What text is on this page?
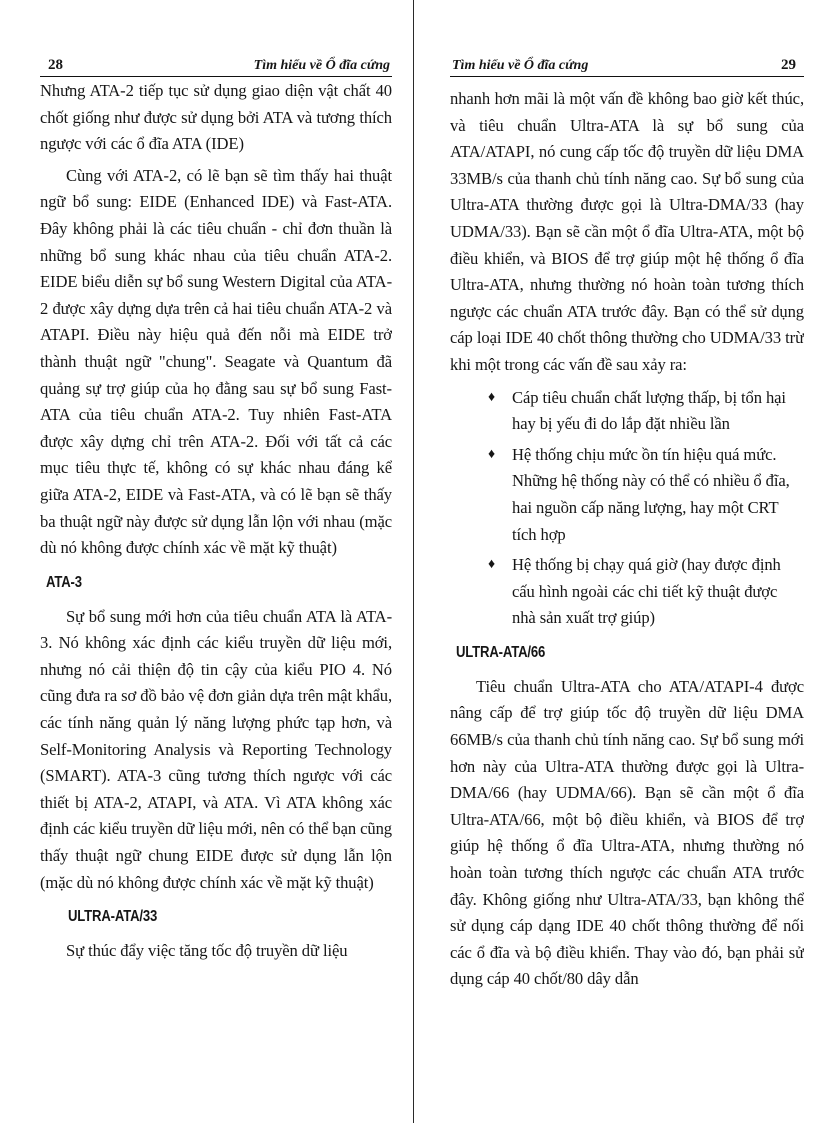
28	Tìm hiểu về Ổ đĩa cứng

Nhưng ATA-2 tiếp tục sử dụng giao diện vật chất 40 chốt giống như được sử dụng bởi ATA và tương thích ngược với các ổ đĩa ATA (IDE)

Cùng với ATA-2, có lẽ bạn sẽ tìm thấy hai thuật ngữ bổ sung: EIDE (Enhanced IDE) và Fast-ATA. Đây không phải là các tiêu chuẩn - chỉ đơn thuần là những bổ sung khác nhau của tiêu chuẩn ATA-2. EIDE biểu diễn sự bổ sung Western Digital của ATA-2 được xây dựng dựa trên cả hai tiêu chuẩn ATA-2 và ATAPI. Điều này hiệu quả đến nỗi mà EIDE trở thành thuật ngữ "chung". Seagate và Quantum đã quảng sự trợ giúp của họ đằng sau sự bổ sung Fast-ATA của tiêu chuẩn ATA-2. Tuy nhiên Fast-ATA được xây dựng chỉ trên ATA-2. Đối với tất cả các mục tiêu thực tế, không có sự khác nhau đáng kể giữa ATA-2, EIDE và Fast-ATA, và có lẽ bạn sẽ thấy ba thuật ngữ này được sử dụng lẫn lộn với nhau (mặc dù nó không được chính xác về mặt kỹ thuật)

ATA-3

Sự bổ sung mới hơn của tiêu chuẩn ATA là ATA-3. Nó không xác định các kiểu truyền dữ liệu mới, nhưng nó cải thiện độ tin cậy của kiểu PIO 4. Nó cũng đưa ra sơ đồ bảo vệ đơn giản dựa trên mật khẩu, các tính năng quản lý năng lượng phức tạp hơn, và Self-Monitoring Analysis và Reporting Technology (SMART). ATA-3 cũng tương thích ngược với các thiết bị ATA-2, ATAPI, và ATA. Vì ATA không xác định các kiểu truyền dữ liệu mới, nên có thể bạn cũng thấy thuật ngữ chung EIDE được sử dụng lẫn lộn (mặc dù nó không được chính xác về mặt kỹ thuật)

ULTRA-ATA/33

Sự thúc đẩy việc tăng tốc độ truyền dữ liệu

Tìm hiểu về Ổ đĩa cứng	29

nhanh hơn mãi là một vấn đề không bao giờ kết thúc, và tiêu chuẩn Ultra-ATA là sự bổ sung của ATA/ATAPI, nó cung cấp tốc độ truyền dữ liệu DMA 33MB/s của thanh chủ tính năng cao. Sự bổ sung của Ultra-ATA thường được gọi là Ultra-DMA/33 (hay UDMA/33). Bạn sẽ cần một ổ đĩa Ultra-ATA, một bộ điều khiển, và BIOS để trợ giúp một hệ thống ổ đĩa Ultra-ATA, nhưng thường nó hoàn toàn tương thích ngược các chuẩn ATA trước đây. Bạn có thể sử dụng cáp loại IDE 40 chốt thông thường cho UDMA/33 trừ khi một trong các vấn đề sau xảy ra:

♦ Cáp tiêu chuẩn chất lượng thấp, bị tổn hại hay bị yếu đi do lắp đặt nhiều lần
♦ Hệ thống chịu mức ồn tín hiệu quá mức. Những hệ thống này có thể có nhiều ổ đĩa, hai nguồn cấp năng lượng, hay một CRT tích hợp
♦ Hệ thống bị chạy quá giờ (hay được định cấu hình ngoài các chi tiết kỹ thuật được nhà sản xuất trợ giúp)
ULTRA-ATA/66

Tiêu chuẩn Ultra-ATA cho ATA/ATAPI-4 được nâng cấp để trợ giúp tốc độ truyền dữ liệu DMA 66MB/s của thanh chủ tính năng cao. Sự bổ sung mới hơn này của Ultra-ATA thường được gọi là Ultra-DMA/66 (hay UDMA/66). Bạn sẽ cần một ổ đĩa Ultra-ATA/66, một bộ điều khiển, và BIOS để trợ giúp hệ thống ổ đĩa Ultra-ATA, nhưng thường nó hoàn toàn tương thích ngược các chuẩn ATA trước đây. Không giống như Ultra-ATA/33, bạn không thể sử dụng cáp dạng IDE 40 chốt thông thường để nối các ổ đĩa và bộ điều khiển. Thay vào đó, bạn phải sử dụng cáp 40 chốt/80 dây dẫn
